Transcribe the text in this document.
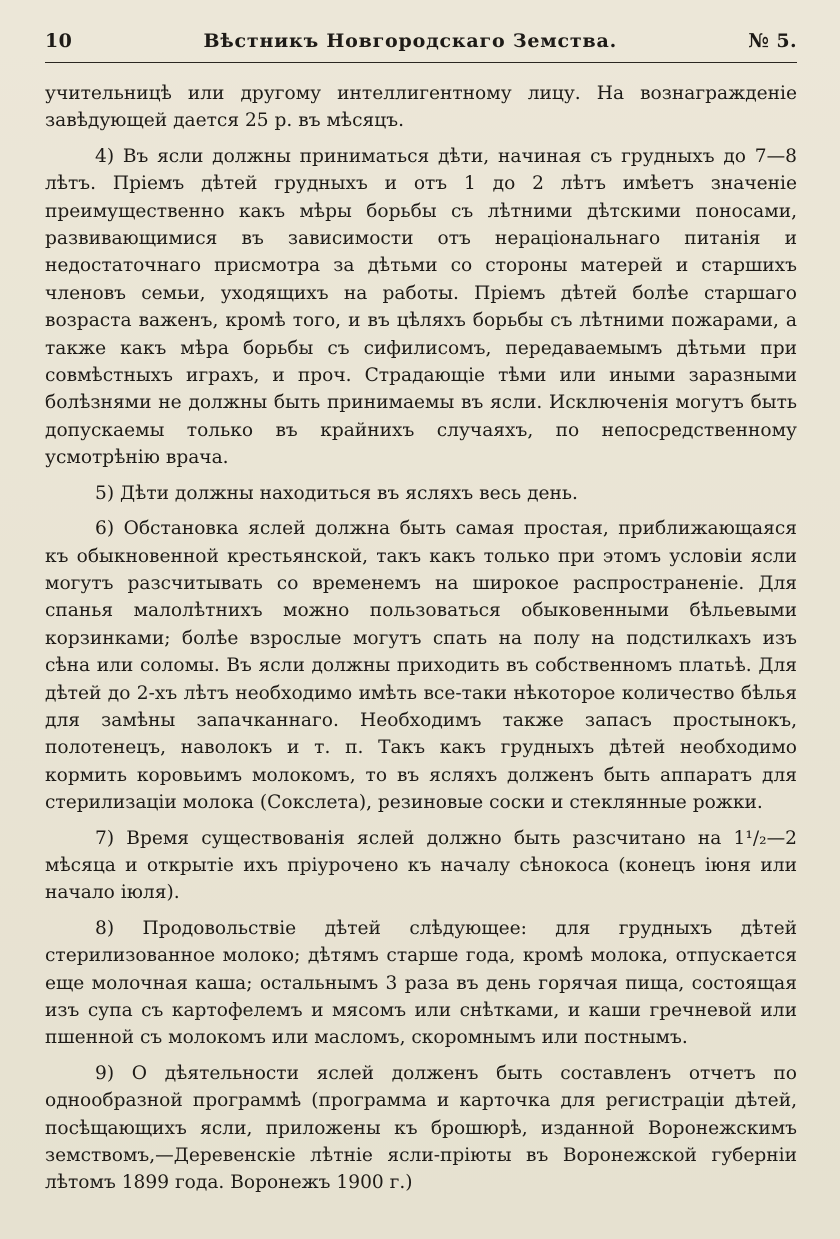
10	Вѣстникъ Новгородскаго Земства.	№ 5.

учительницѣ или другому интеллигентному лицу. На вознагражденіе завѣдующей дается 25 р. въ мѣсяцъ.

4) Въ ясли должны приниматься дѣти, начиная съ грудныхъ до 7—8 лѣтъ. Пріемъ дѣтей грудныхъ и отъ 1 до 2 лѣтъ имѣетъ значеніе преимущественно какъ мѣры борьбы съ лѣтними дѣтскими поносами, развивающимися въ зависимости отъ нераціональнаго питанія и недостаточнаго присмотра за дѣтьми со стороны матерей и старшихъ членовъ семьи, уходящихъ на работы. Пріемъ дѣтей болѣе старшаго возраста важенъ, кромѣ того, и въ цѣляхъ борьбы съ лѣтними пожарами, а также какъ мѣра борьбы съ сифилисомъ, передаваемымъ дѣтьми при совмѣстныхъ играхъ, и проч. Страдающіе тѣми или иными заразными болѣзнями не должны быть принимаемы въ ясли. Исключенія могутъ быть допускаемы только въ крайнихъ случаяхъ, по непосредственному усмотрѣнію врача.

5) Дѣти должны находиться въ ясляхъ весь день.

6) Обстановка яслей должна быть самая простая, приближающаяся къ обыкновенной крестьянской, такъ какъ только при этомъ условіи ясли могутъ разсчитывать со временемъ на широкое распространеніе. Для спанья малолѣтнихъ можно пользоваться обыковенными бѣльевыми корзинками; болѣе взрослые могутъ спать на полу на подстилкахъ изъ сѣна или соломы. Въ ясли должны приходить въ собственномъ платьѣ. Для дѣтей до 2-хъ лѣтъ необходимо имѣть все-таки нѣкоторое количество бѣлья для замѣны запачканнаго. Необходимъ также запасъ простынокъ, полотенецъ, наволокъ и т. п. Такъ какъ грудныхъ дѣтей необходимо кормить коровьимъ молокомъ, то въ ясляхъ долженъ быть аппаратъ для стерилизаціи молока (Сокслета), резиновые соски и стеклянные рожки.

7) Время существованія яслей должно быть разсчитано на 1¹/₂—2 мѣсяца и открытіе ихъ пріурочено къ началу сѣнокоса (конецъ іюня или начало іюля).

8) Продовольствіе дѣтей слѣдующее: для грудныхъ дѣтей стерилизованное молоко; дѣтямъ старше года, кромѣ молока, отпускается еще молочная каша; остальнымъ 3 раза въ день горячая пища, состоящая изъ супа съ картофелемъ и мясомъ или снѣтками, и каши гречневой или пшенной съ молокомъ или масломъ, скоромнымъ или постнымъ.

9) О дѣятельности яслей долженъ быть составленъ отчетъ по однообразной программѣ (программа и карточка для регистраціи дѣтей, посѣщающихъ ясли, приложены къ брошюрѣ, изданной Воронежскимъ земствомъ,—Деревенскіе лѣтніе ясли-пріюты въ Воронежской губерніи лѣтомъ 1899 года. Воронежъ 1900 г.)
